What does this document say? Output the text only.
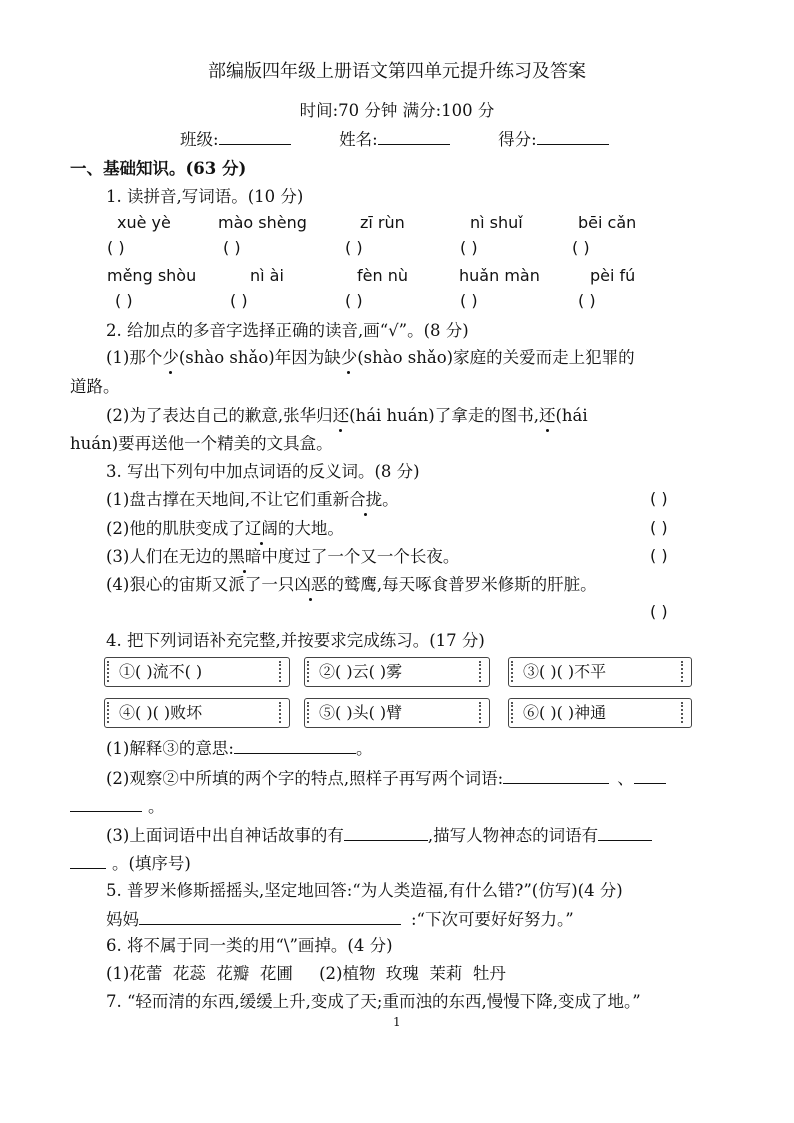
部编版四年级上册语文第四单元提升练习及答案
时间:70 分钟 满分:100 分
班级:	姓名:	得分:
一、基础知识。(63 分)
1. 读拼音,写词语。(10 分)
xuè yè	mào shèng	zī rùn	nì shuǐ	bēi cǎn
( )	( )	( )	( )	( )
měng shòu	nì ài	fèn nù	huǎn màn	pèi fú
( )	( )	( )	( )	( )
2. 给加点的多音字选择正确的读音,画“√”。(8 分)
(1)那个少(shào shǎo)年因为缺少(shào shǎo)家庭的关爱而走上犯罪的
道路。
(2)为了表达自己的歉意,张华归还(hái huán)了拿走的图书,还(hái
huán)要再送他一个精美的文具盒。
3. 写出下列句中加点词语的反义词。(8 分)
(1)盘古撑在天地间,不让它们重新合拢。	( )
(2)他的肌肤变成了辽阔的大地。	( )
(3)人们在无边的黑暗中度过了一个又一个长夜。	( )
(4)狠心的宙斯又派了一只凶恶的鹫鹰,每天啄食普罗米修斯的肝脏。
( )
4. 把下列词语补充完整,并按要求完成练习。(17 分)
①( )流不( )	②( )云( )雾	③( )( )不平
④( )( )败坏	⑤( )头( )臂	⑥( )( )神通
(1)解释③的意思:	。
(2)观察②中所填的两个字的特点,照样子再写两个词语:	、
。
(3)上面词语中出自神话故事的有	,描写人物神态的词语有
。(填序号)
5. 普罗米修斯摇摇头,坚定地回答:“为人类造福,有什么错?”(仿写)(4 分)
妈妈	:“下次可要好好努力。”
6. 将不属于同一类的用“\”画掉。(4 分)
(1)花蕾  花蕊  花瓣  花圃     (2)植物  玫瑰  茉莉  牡丹
7. “轻而清的东西,缓缓上升,变成了天;重而浊的东西,慢慢下降,变成了地。”
1
